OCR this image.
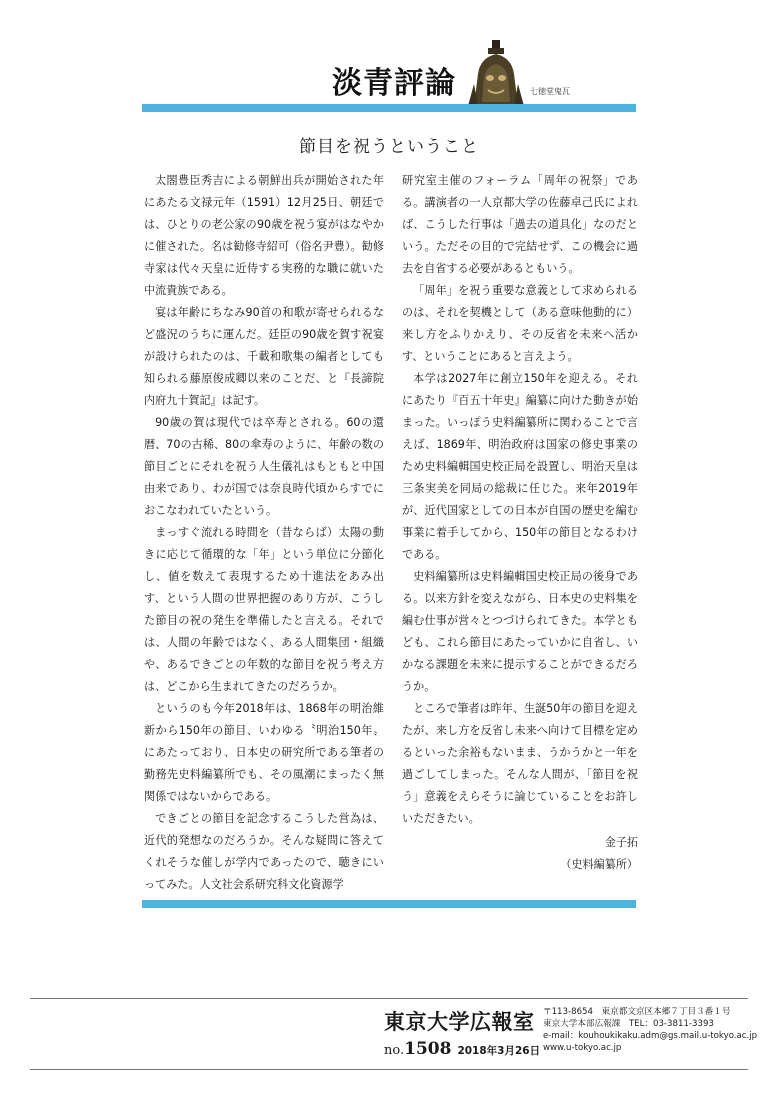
淡青評論	七徳堂鬼瓦
節目を祝うということ

太閤豊臣秀吉による朝鮮出兵が開始された年にあたる文禄元年（1591）12月25日、朝廷では、ひとりの老公家の90歳を祝う宴がはなやかに催された。名は勧修寺紹可（俗名尹豊）。勧修寺家は代々天皇に近侍する実務的な職に就いた中流貴族である。

宴は年齢にちなみ90首の和歌が寄せられるなど盛況のうちに運んだ。廷臣の90歳を賀す祝宴が設けられたのは、千載和歌集の編者としても知られる藤原俊成卿以来のことだ、と『長諦院内府九十賀記』は記す。

90歳の賀は現代では卒寿とされる。60の還暦、70の古稀、80の傘寿のように、年齢の数の節目ごとにそれを祝う人生儀礼はもともと中国由来であり、わが国では奈良時代頃からすでにおこなわれていたという。

まっすぐ流れる時間を（昔ならば）太陽の動きに応じて循環的な「年」という単位に分節化し、値を数えて表現するため十進法をあみ出す、という人間の世界把握のあり方が、こうした節目の祝の発生を準備したと言える。それでは、人間の年齢ではなく、ある人間集団・組織や、あるできごとの年数的な節目を祝う考え方は、どこから生まれてきたのだろうか。

というのも今年2018年は、1868年の明治維新から150年の節目、いわゆる〝明治150年〟にあたっており、日本史の研究所である筆者の勤務先史料編纂所でも、その風潮にまったく無関係ではないからである。

できごとの節目を記念するこうした営為は、近代的発想なのだろうか。そんな疑問に答えてくれそうな催しが学内であったので、聴きにいってみた。人文社会系研究科文化資源学

研究室主催のフォーラム「周年の祝祭」である。講演者の一人京都大学の佐藤卓己氏によれば、こうした行事は「過去の道具化」なのだという。ただその目的で完結せず、この機会に過去を自省する必要があるともいう。

「周年」を祝う重要な意義として求められるのは、それを契機として（ある意味他動的に）来し方をふりかえり、その反省を未来へ活かす、ということにあると言えよう。

本学は2027年に創立150年を迎える。それにあたり『百五十年史』編纂に向けた動きが始まった。いっぽう史料編纂所に関わることで言えば、1869年、明治政府は国家の修史事業のため史料編輯国史校正局を設置し、明治天皇は三条実美を同局の総裁に任じた。来年2019年が、近代国家としての日本が自国の歴史を編む事業に着手してから、150年の節目となるわけである。

史料編纂所は史料編輯国史校正局の後身である。以来方針を変えながら、日本史の史料集を編む仕事が営々とつづけられてきた。本学ともども、これら節目にあたっていかに自省し、いかなる課題を未来に提示することができるだろうか。

ところで筆者は昨年、生誕50年の節目を迎えたが、来し方を反省し未来へ向けて目標を定めるといった余裕もないまま、うかうかと一年を過ごしてしまった。そんな人間が、「節目を祝う」意義をえらそうに論じていることをお許しいただきたい。

金子拓
（史料編纂所）
東京大学広報室
no.1508 2018年3月26日
〒113-8654　東京都文京区本郷７丁目３番１号
東京大学本部広報課　TEL：03-3811-3393
e-mail：kouhoukikaku.adm@gs.mail.u-tokyo.ac.jp
www.u-tokyo.ac.jp
